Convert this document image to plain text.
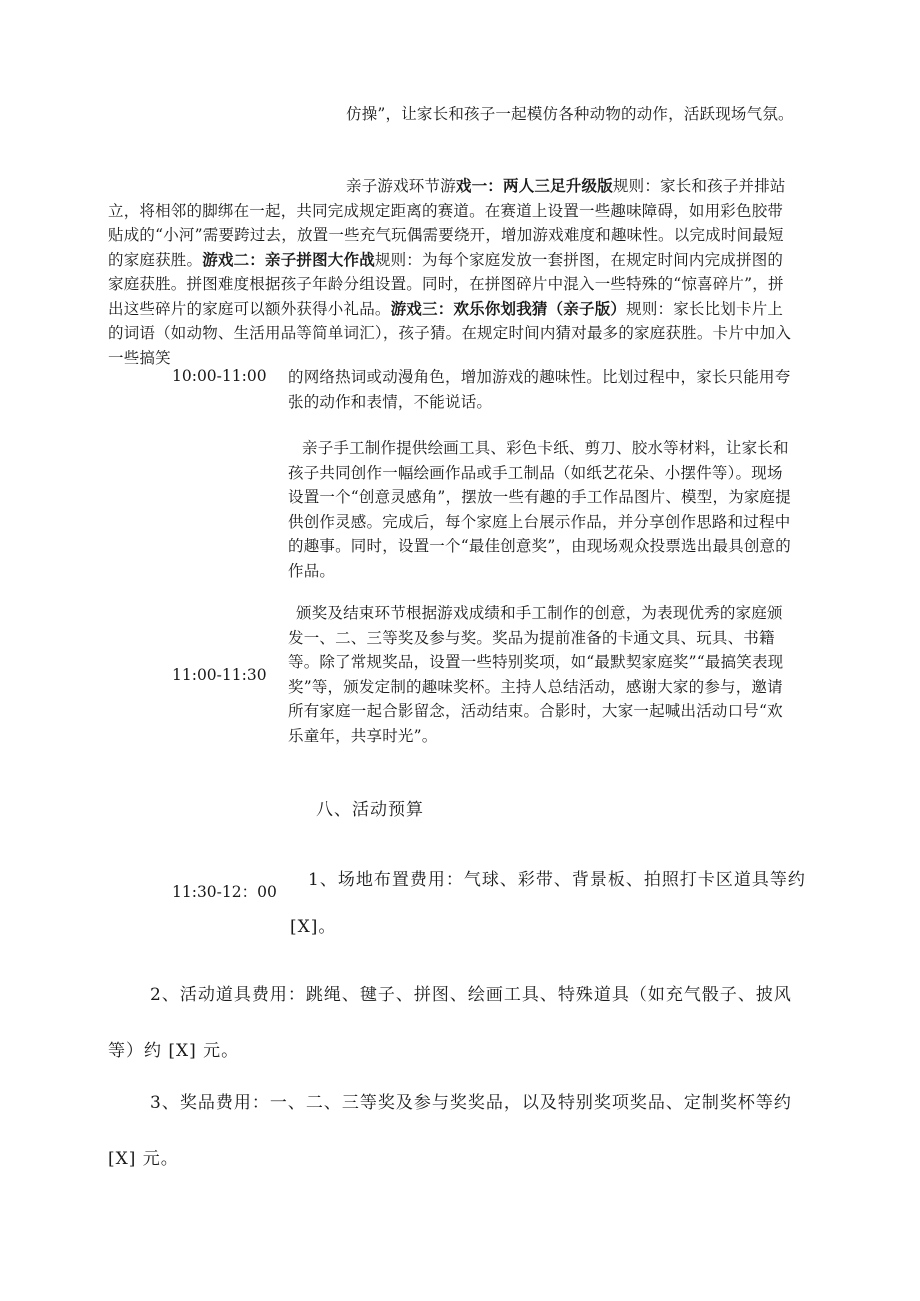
仿操”，让家长和孩子一起模仿各种动物的动作，活跃现场气氛。

亲子游戏环节游戏一：两人三足升级版规则：家长和孩子并排站立，将相邻的脚绑在一起，共同完成规定距离的赛道。在赛道上设置一些趣味障碍，如用彩色胶带贴成的“小河”需要跨过去，放置一些充气玩偶需要绕开，增加游戏难度和趣味性。以完成时间最短的家庭获胜。游戏二：亲子拼图大作战规则：为每个家庭发放一套拼图，在规定时间内完成拼图的家庭获胜。拼图难度根据孩子年龄分组设置。同时，在拼图碎片中混入一些特殊的“惊喜碎片”，拼出这些碎片的家庭可以额外获得小礼品。游戏三：欢乐你划我猜（亲子版）规则：家长比划卡片上的词语（如动物、生活用品等简单词汇），孩子猜。在规定时间内猜对最多的家庭获胜。卡片中加入一些搞笑

10:00-11:00 的网络热词或动漫角色，增加游戏的趣味性。比划过程中，家长只能用夸张的动作和表情，不能说话。

亲子手工制作提供绘画工具、彩色卡纸、剪刀、胶水等材料，让家长和孩子共同创作一幅绘画作品或手工制品（如纸艺花朵、小摆件等）。现场设置一个“创意灵感角”，摆放一些有趣的手工作品图片、模型，为家庭提供创作灵感。完成后，每个家庭上台展示作品，并分享创作思路和过程中的趣事。同时，设置一个“最佳创意奖”，由现场观众投票选出最具创意的作品。

11:00-11:30

颁奖及结束环节根据游戏成绩和手工制作的创意，为表现优秀的家庭颁发一、二、三等奖及参与奖。奖品为提前准备的卡通文具、玩具、书籍等。除了常规奖品，设置一些特别奖项，如“最默契家庭奖”“最搞笑表现奖”等，颁发定制的趣味奖杯。主持人总结活动，感谢大家的参与，邀请所有家庭一起合影留念，活动结束。合影时，大家一起喊出活动口号“欢乐童年，共享时光”。

八、活动预算
11:30-12：00

1、场地布置费用：气球、彩带、背景板、拍照打卡区道具等约[X]。

2、活动道具费用：跳绳、毽子、拼图、绘画工具、特殊道具（如充气骰子、披风等）约 [X] 元。

3、奖品费用：一、二、三等奖及参与奖奖品，以及特别奖项奖品、定制奖杯等约 [X] 元。
